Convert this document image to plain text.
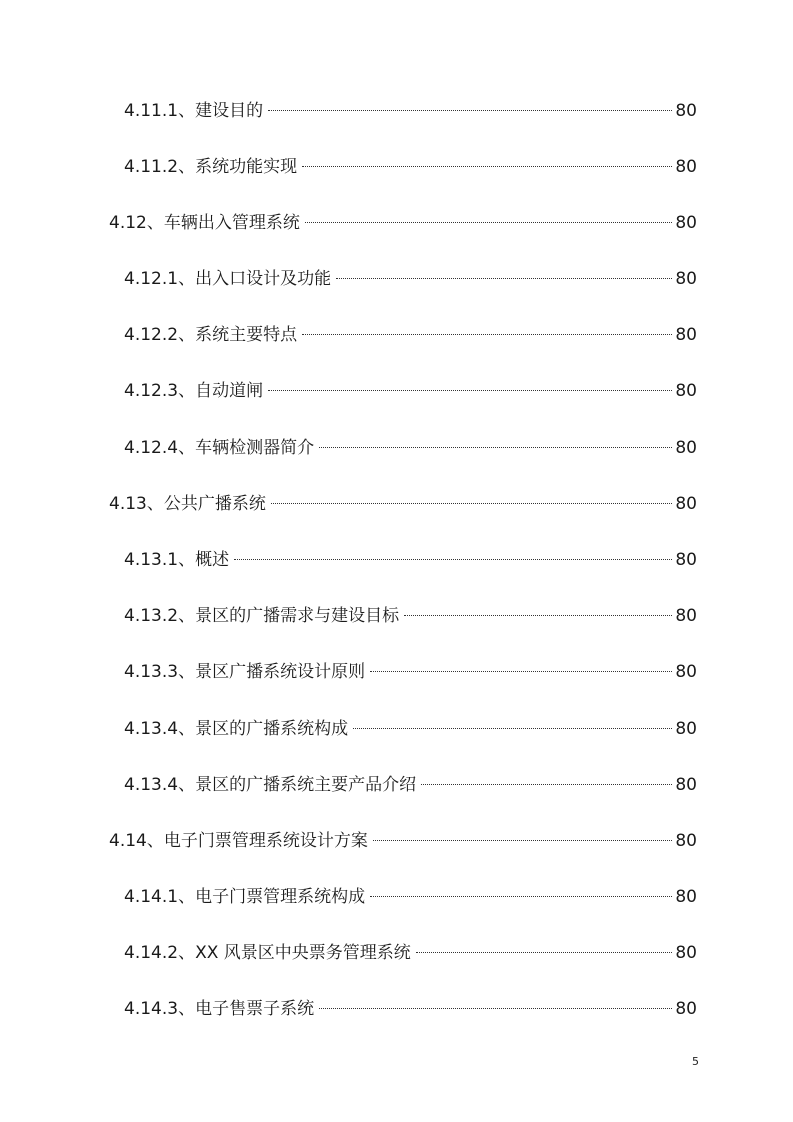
4.11.1、建设目的	80
4.11.2、系统功能实现	80
4.12、车辆出入管理系统	80
4.12.1、出入口设计及功能	80
4.12.2、系统主要特点	80
4.12.3、自动道闸	80
4.12.4、车辆检测器简介	80
4.13、公共广播系统	80
4.13.1、概述	80
4.13.2、景区的广播需求与建设目标	80
4.13.3、景区广播系统设计原则	80
4.13.4、景区的广播系统构成	80
4.13.4、景区的广播系统主要产品介绍	80
4.14、电子门票管理系统设计方案	80
4.14.1、电子门票管理系统构成	80
4.14.2、XX 风景区中央票务管理系统	80
4.14.3、电子售票子系统	80
5
